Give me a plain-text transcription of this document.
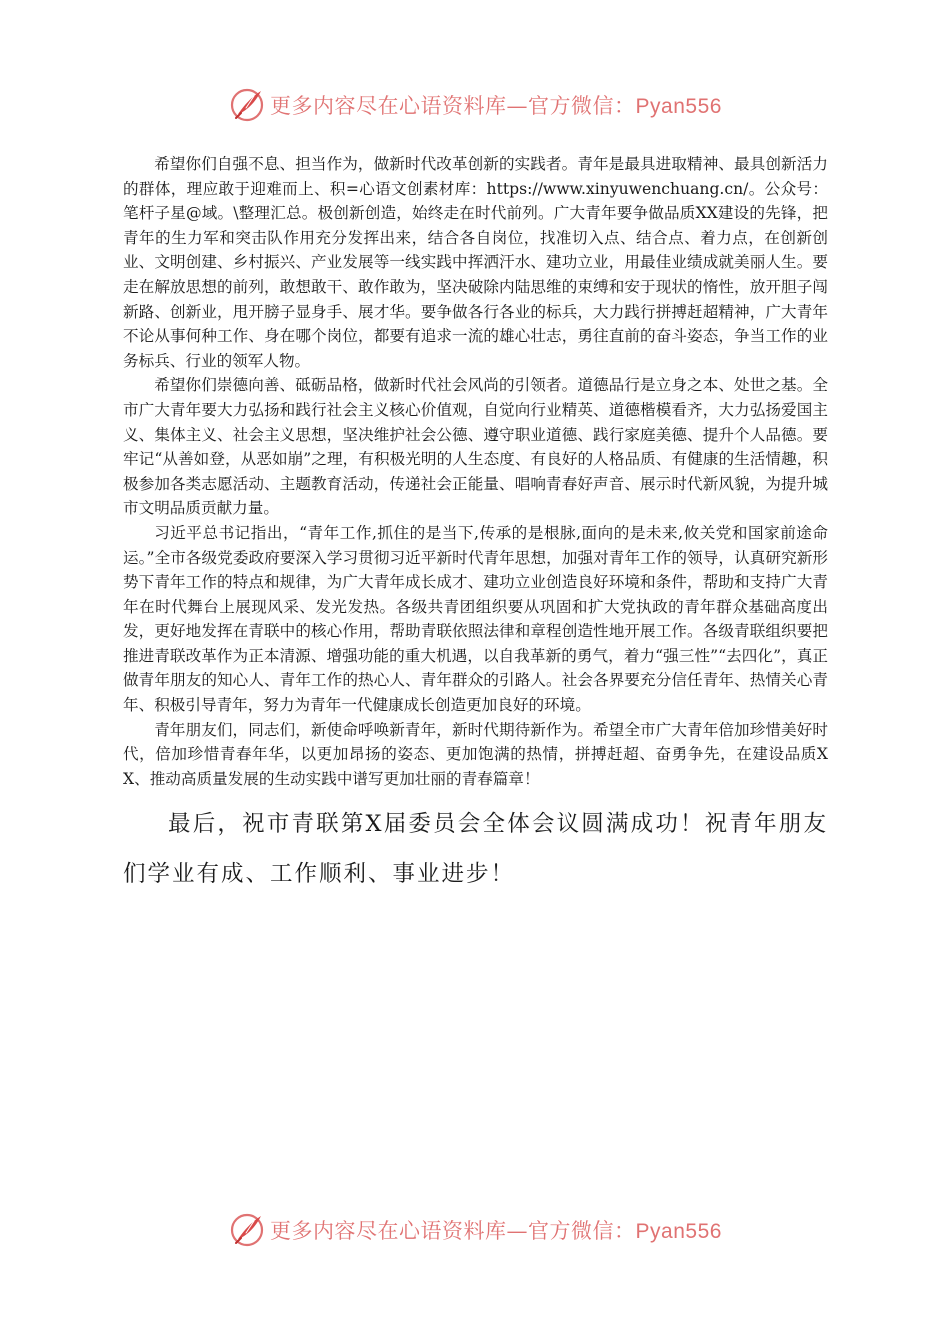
更多内容尽在心语资料库—官方微信：Pyan556

希望你们自强不息、担当作为，做新时代改革创新的实践者。青年是最具进取精神、最具创新活力的群体，理应敢于迎难而上、积=心语文创素材库：https://www.xinyuwenchuang.cn/。公众号：笔杆子星@域。\整理汇总。极创新创造，始终走在时代前列。广大青年要争做品质XX建设的先锋，把青年的生力军和突击队作用充分发挥出来，结合各自岗位，找准切入点、结合点、着力点，在创新创业、文明创建、乡村振兴、产业发展等一线实践中挥洒汗水、建功立业，用最佳业绩成就美丽人生。要走在解放思想的前列，敢想敢干、敢作敢为，坚决破除内陆思维的束缚和安于现状的惰性，放开胆子闯新路、创新业，甩开膀子显身手、展才华。要争做各行各业的标兵，大力践行拼搏赶超精神，广大青年不论从事何种工作、身在哪个岗位，都要有追求一流的雄心壮志，勇往直前的奋斗姿态，争当工作的业务标兵、行业的领军人物。

希望你们崇德向善、砥砺品格，做新时代社会风尚的引领者。道德品行是立身之本、处世之基。全市广大青年要大力弘扬和践行社会主义核心价值观，自觉向行业精英、道德楷模看齐，大力弘扬爱国主义、集体主义、社会主义思想，坚决维护社会公德、遵守职业道德、践行家庭美德、提升个人品德。要牢记“从善如登，从恶如崩”之理，有积极光明的人生态度、有良好的人格品质、有健康的生活情趣，积极参加各类志愿活动、主题教育活动，传递社会正能量、唱响青春好声音、展示时代新风貌，为提升城市文明品质贡献力量。

习近平总书记指出，“青年工作,抓住的是当下,传承的是根脉,面向的是未来,攸关党和国家前途命运。”全市各级党委政府要深入学习贯彻习近平新时代青年思想，加强对青年工作的领导，认真研究新形势下青年工作的特点和规律，为广大青年成长成才、建功立业创造良好环境和条件，帮助和支持广大青年在时代舞台上展现风采、发光发热。各级共青团组织要从巩固和扩大党执政的青年群众基础高度出发，更好地发挥在青联中的核心作用，帮助青联依照法律和章程创造性地开展工作。各级青联组织要把推进青联改革作为正本清源、增强功能的重大机遇，以自我革新的勇气，着力“强三性”“去四化”，真正做青年朋友的知心人、青年工作的热心人、青年群众的引路人。社会各界要充分信任青年、热情关心青年、积极引导青年，努力为青年一代健康成长创造更加良好的环境。

青年朋友们，同志们，新使命呼唤新青年，新时代期待新作为。希望全市广大青年倍加珍惜美好时代，倍加珍惜青春年华，以更加昂扬的姿态、更加饱满的热情，拼搏赶超、奋勇争先，在建设品质XX、推动高质量发展的生动实践中谱写更加壮丽的青春篇章！

最后，祝市青联第X届委员会全体会议圆满成功！祝青年朋友们学业有成、工作顺利、事业进步！

更多内容尽在心语资料库—官方微信：Pyan556
